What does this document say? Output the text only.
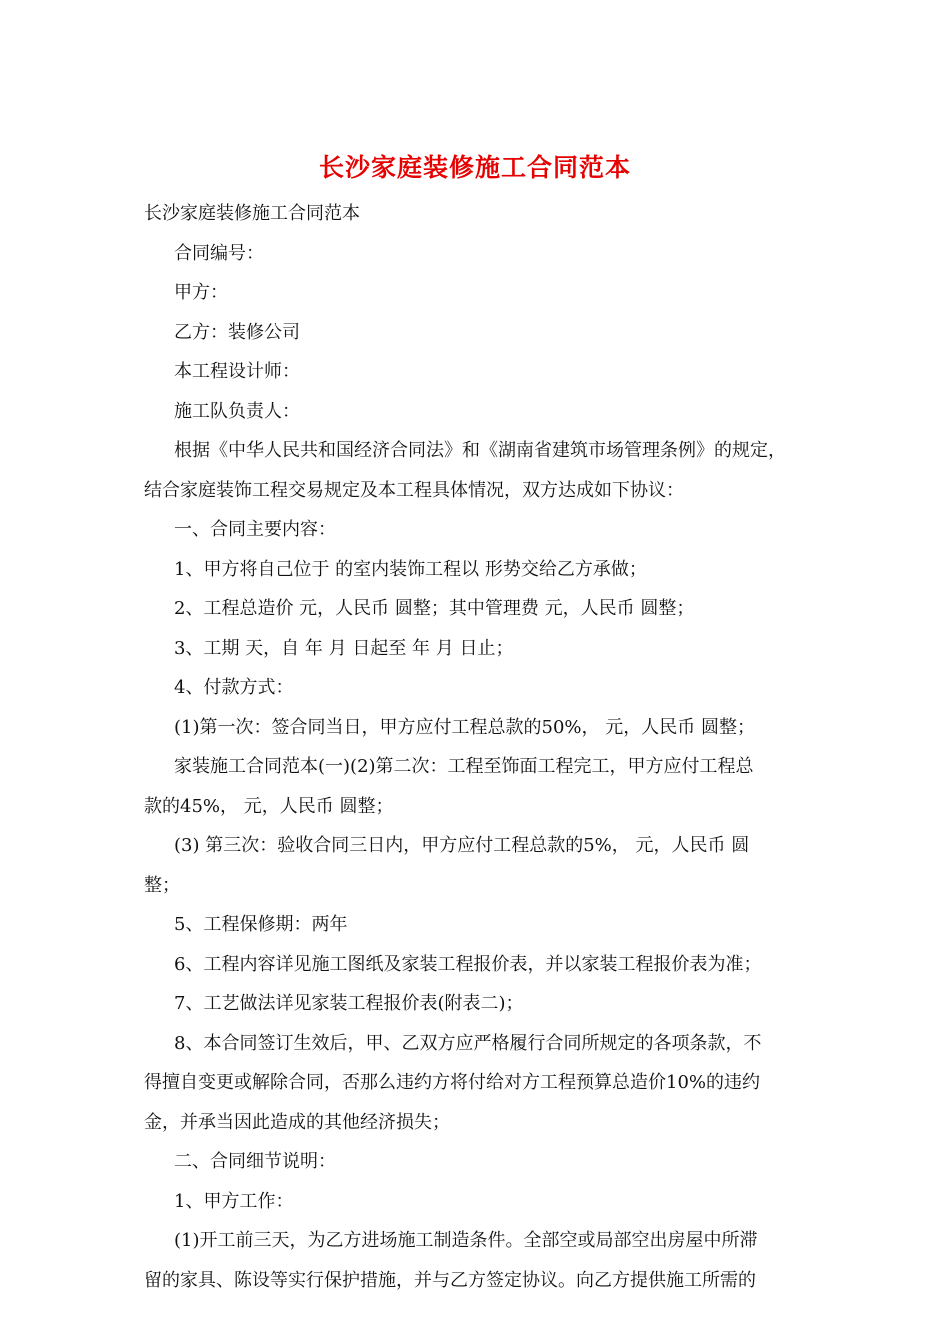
长沙家庭装修施工合同范本
长沙家庭装修施工合同范本
合同编号：
甲方：
乙方：装修公司
本工程设计师：
施工队负责人：
根据《中华人民共和国经济合同法》和《湖南省建筑市场管理条例》的规定，
结合家庭装饰工程交易规定及本工程具体情况，双方达成如下协议：
一、合同主要内容：
1、甲方将自己位于 的室内装饰工程以 形势交给乙方承做；
2、工程总造价 元，人民币 圆整；其中管理费 元，人民币 圆整；
3、工期 天，自 年 月 日起至 年 月 日止；
4、付款方式：
(1)第一次：签合同当日，甲方应付工程总款的50%， 元，人民币 圆整；
家装施工合同范本(一)(2)第二次：工程至饰面工程完工，甲方应付工程总
款的45%， 元，人民币 圆整；
(3) 第三次：验收合同三日内，甲方应付工程总款的5%， 元，人民币 圆
整；
5、工程保修期：两年
6、工程内容详见施工图纸及家装工程报价表，并以家装工程报价表为准；
7、工艺做法详见家装工程报价表(附表二)；
8、本合同签订生效后，甲、乙双方应严格履行合同所规定的各项条款，不
得擅自变更或解除合同，否那么违约方将付给对方工程预算总造价10%的违约
金，并承当因此造成的其他经济损失；
二、合同细节说明：
1、甲方工作：
(1)开工前三天，为乙方进场施工制造条件。全部空或局部空出房屋中所滞
留的家具、陈设等实行保护措施，并与乙方签定协议。向乙方提供施工所需的
